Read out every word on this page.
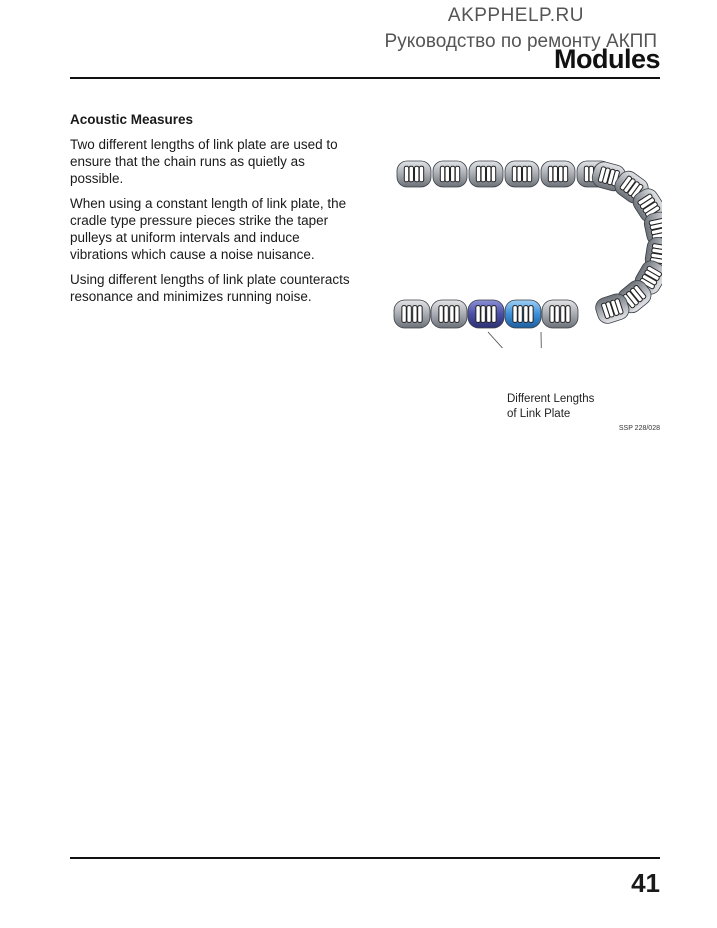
AKPPHELP.RU
Руководство по ремонту АКПП
Modules
Acoustic Measures

Two different lengths of link plate are used to ensure that the chain runs as quietly as possible.

When using a constant length of link plate, the cradle type pressure pieces strike the taper pulleys at uniform intervals and induce vibrations which cause a noise nuisance.

Using different lengths of link plate counteracts resonance and minimizes running noise.

Different Lengths
of Link Plate
SSP 228/028
41
